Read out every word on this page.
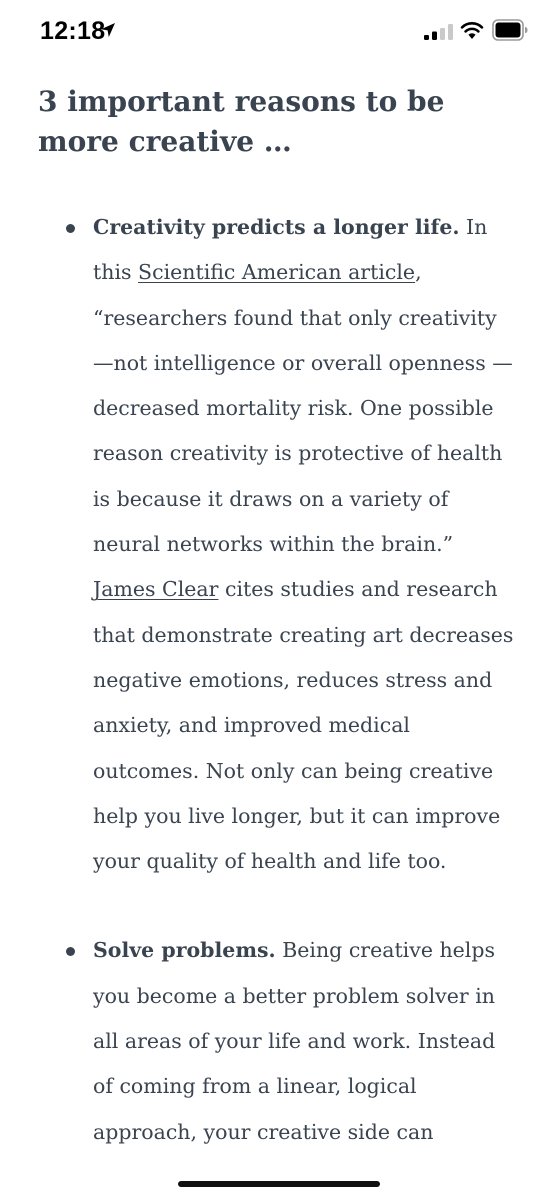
12:18
3 important reasons to be more creative …
Creativity predicts a longer life. In this Scientific American article, “researchers found that only creativity —not intelligence or overall openness —decreased mortality risk. One possible reason creativity is protective of health is because it draws on a variety of neural networks within the brain.” James Clear cites studies and research that demonstrate creating art decreases negative emotions, reduces stress and anxiety, and improved medical outcomes. Not only can being creative help you live longer, but it can improve your quality of health and life too.
Solve problems. Being creative helps you become a better problem solver in all areas of your life and work. Instead of coming from a linear, logical approach, your creative side can
